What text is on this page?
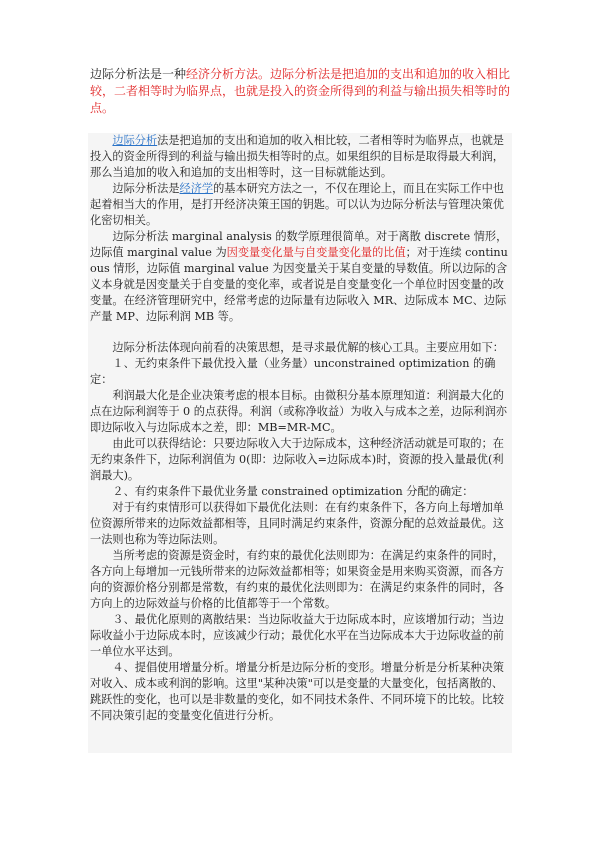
边际分析法是一种经济分析方法。边际分析法是把追加的支出和追加的收入相比较，二者相等时为临界点，也就是投入的资金所得到的利益与输出损失相等时的点。

边际分析法是把追加的支出和追加的收入相比较，二者相等时为临界点，也就是投入的资金所得到的利益与输出损失相等时的点。如果组织的目标是取得最大利润，那么当追加的收入和追加的支出相等时，这一目标就能达到。

边际分析法是经济学的基本研究方法之一，不仅在理论上，而且在实际工作中也起着相当大的作用，是打开经济决策王国的钥匙。可以认为边际分析法与管理决策优化密切相关。

边际分析法 marginal analysis 的数学原理很简单。对于离散 discrete 情形，边际值 marginal value 为因变量变化量与自变量变化量的比值；对于连续 continuous 情形，边际值 marginal value 为因变量关于某自变量的导数值。所以边际的含义本身就是因变量关于自变量的变化率，或者说是自变量变化一个单位时因变量的改变量。在经济管理研究中，经常考虑的边际量有边际收入 MR、边际成本 MC、边际产量 MP、边际利润 MB 等。

边际分析法体现向前看的决策思想，是寻求最优解的核心工具。主要应用如下：

１、无约束条件下最优投入量（业务量）unconstrained optimization 的确定：

利润最大化是企业决策考虑的根本目标。由微积分基本原理知道：利润最大化的点在边际利润等于 0 的点获得。利润（或称净收益）为收入与成本之差，边际利润亦即边际收入与边际成本之差，即：MB=MR-MC。

由此可以获得结论：只要边际收入大于边际成本，这种经济活动就是可取的；在无约束条件下，边际利润值为 0(即：边际收入=边际成本)时，资源的投入量最优(利润最大)。

２、有约束条件下最优业务量 constrained optimization 分配的确定：

对于有约束情形可以获得如下最优化法则：在有约束条件下，各方向上每增加单位资源所带来的边际效益都相等，且同时满足约束条件，资源分配的总效益最优。这一法则也称为等边际法则。

当所考虑的资源是资金时，有约束的最优化法则即为：在满足约束条件的同时，各方向上每增加一元钱所带来的边际效益都相等；如果资金是用来购买资源，而各方向的资源价格分别都是常数，有约束的最优化法则即为：在满足约束条件的同时，各方向上的边际效益与价格的比值都等于一个常数。

３、最优化原则的离散结果：当边际收益大于边际成本时，应该增加行动；当边际收益小于边际成本时，应该减少行动；最优化水平在当边际成本大于边际收益的前一单位水平达到。

４、提倡使用增量分析。增量分析是边际分析的变形。增量分析是分析某种决策对收入、成本或利润的影响。这里"某种决策"可以是变量的大量变化，包括离散的、跳跃性的变化，也可以是非数量的变化，如不同技术条件、不同环境下的比较。比较不同决策引起的变量变化值进行分析。
